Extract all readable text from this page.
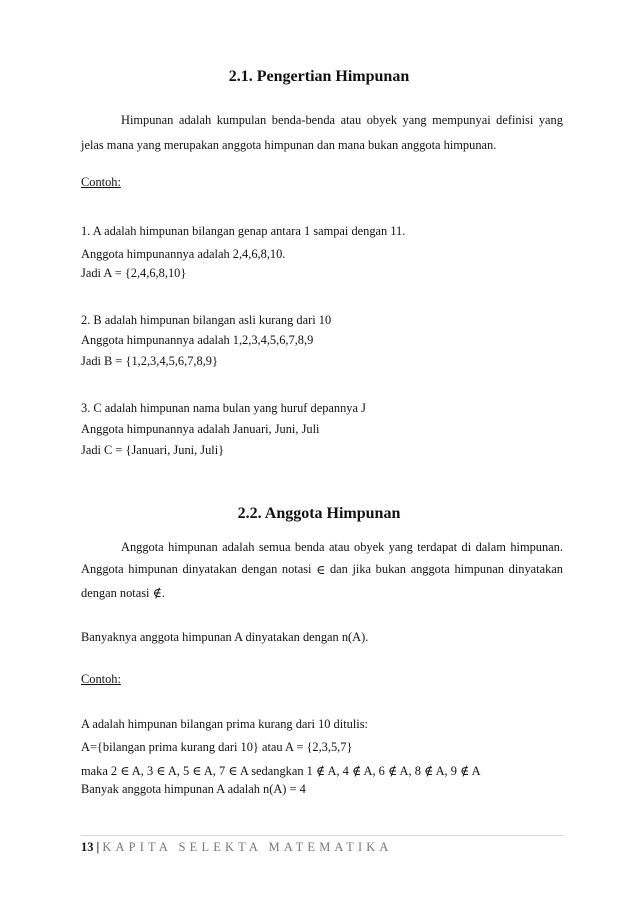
2.1. Pengertian Himpunan
Himpunan adalah kumpulan benda-benda atau obyek yang mempunyai definisi yang

jelas mana yang merupakan anggota himpunan dan mana bukan anggota himpunan.

Contoh:

1. A adalah himpunan bilangan genap antara 1 sampai dengan 11.

Anggota himpunannya adalah 2,4,6,8,10.

Jadi A = {2,4,6,8,10}

2. B adalah himpunan bilangan asli kurang dari 10

Anggota himpunannya adalah 1,2,3,4,5,6,7,8,9

Jadi B = {1,2,3,4,5,6,7,8,9}

3. C adalah himpunan nama bulan yang huruf depannya J

Anggota himpunannya adalah Januari, Juni, Juli

Jadi C = {Januari, Juni, Juli}

2.2. Anggota Himpunan
Anggota himpunan adalah semua benda atau obyek yang terdapat di dalam himpunan.
Anggota himpunan dinyatakan dengan notasi ∈ dan jika bukan anggota himpunan dinyatakan

dengan notasi ∉.

Banyaknya anggota himpunan A dinyatakan dengan n(A).

Contoh:

A adalah himpunan bilangan prima kurang dari 10 ditulis:

A={bilangan prima kurang dari 10} atau A = {2,3,5,7}

maka 2 ∈ A, 3 ∈ A, 5 ∈ A, 7 ∈ A sedangkan 1 ∉ A, 4 ∉ A, 6 ∉ A, 8 ∉ A, 9 ∉ A

Banyak anggota himpunan A adalah n(A) = 4

13 | KAPITA SELEKTA MATEMATIKA
